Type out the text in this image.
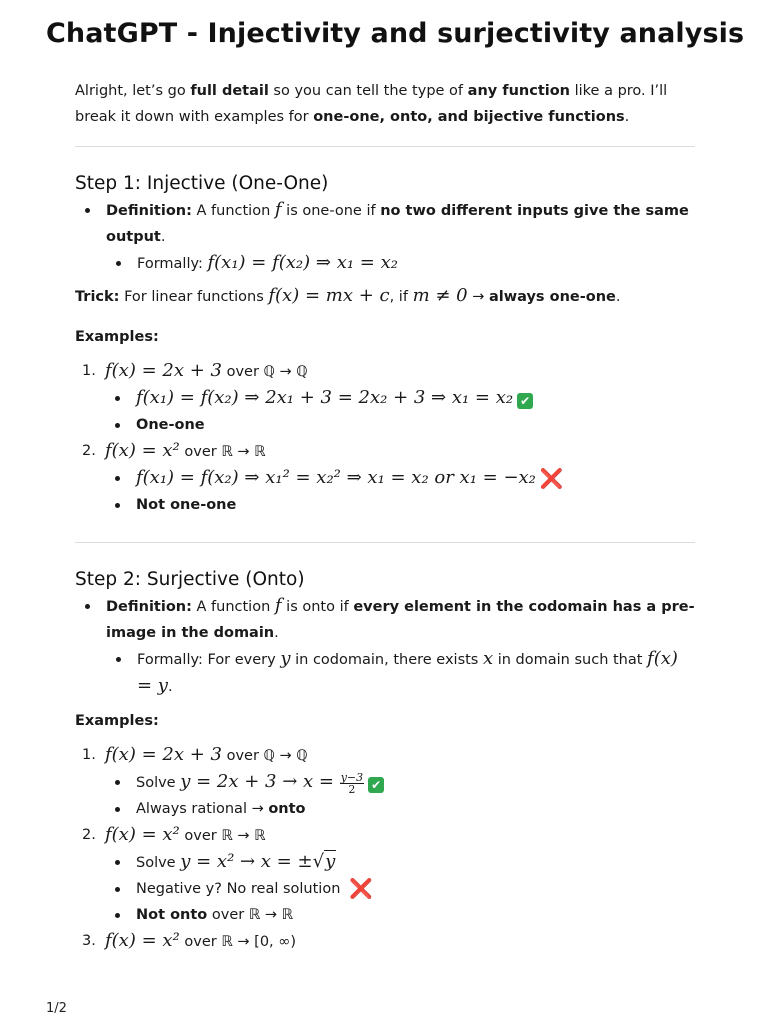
ChatGPT - Injectivity and surjectivity analysis

Alright, let’s go full detail so you can tell the type of any function like a pro. I’ll break it down with examples for one-one, onto, and bijective functions.

Step 1: Injective (One-One)
Definition: A function f is one-one if no two different inputs give the same output.
Formally: f(x₁) = f(x₂) ⇒ x₁ = x₂

Trick: For linear functions f(x) = mx + c, if m ≠ 0 → always one-one.

Examples:

1. f(x) = 2x + 3 over ℚ → ℚ
f(x₁) = f(x₂) ⇒ 2x₁ + 3 = 2x₂ + 3 ⇒ x₁ = x₂ ✔
One-one
2. f(x) = x² over ℝ → ℝ
f(x₁) = f(x₂) ⇒ x₁² = x₂² ⇒ x₁ = x₂ or x₁ = −x₂ ❌
Not one-one
Step 2: Surjective (Onto)
Definition: A function f is onto if every element in the codomain has a pre-image in the domain.
Formally: For every y in codomain, there exists x in domain such that f(x) = y.

Examples:

1. f(x) = 2x + 3 over ℚ → ℚ
Solve $y = 2x + 3 \to x = \frac{y-3}{2}$ ✔
Always rational → onto
2. f(x) = x² over ℝ → ℝ
Solve y = x² → x = ±√y
Negative y? No real solution ❌
Not onto over ℝ → ℝ
3. f(x) = x² over ℝ → [0, ∞)
1/2
